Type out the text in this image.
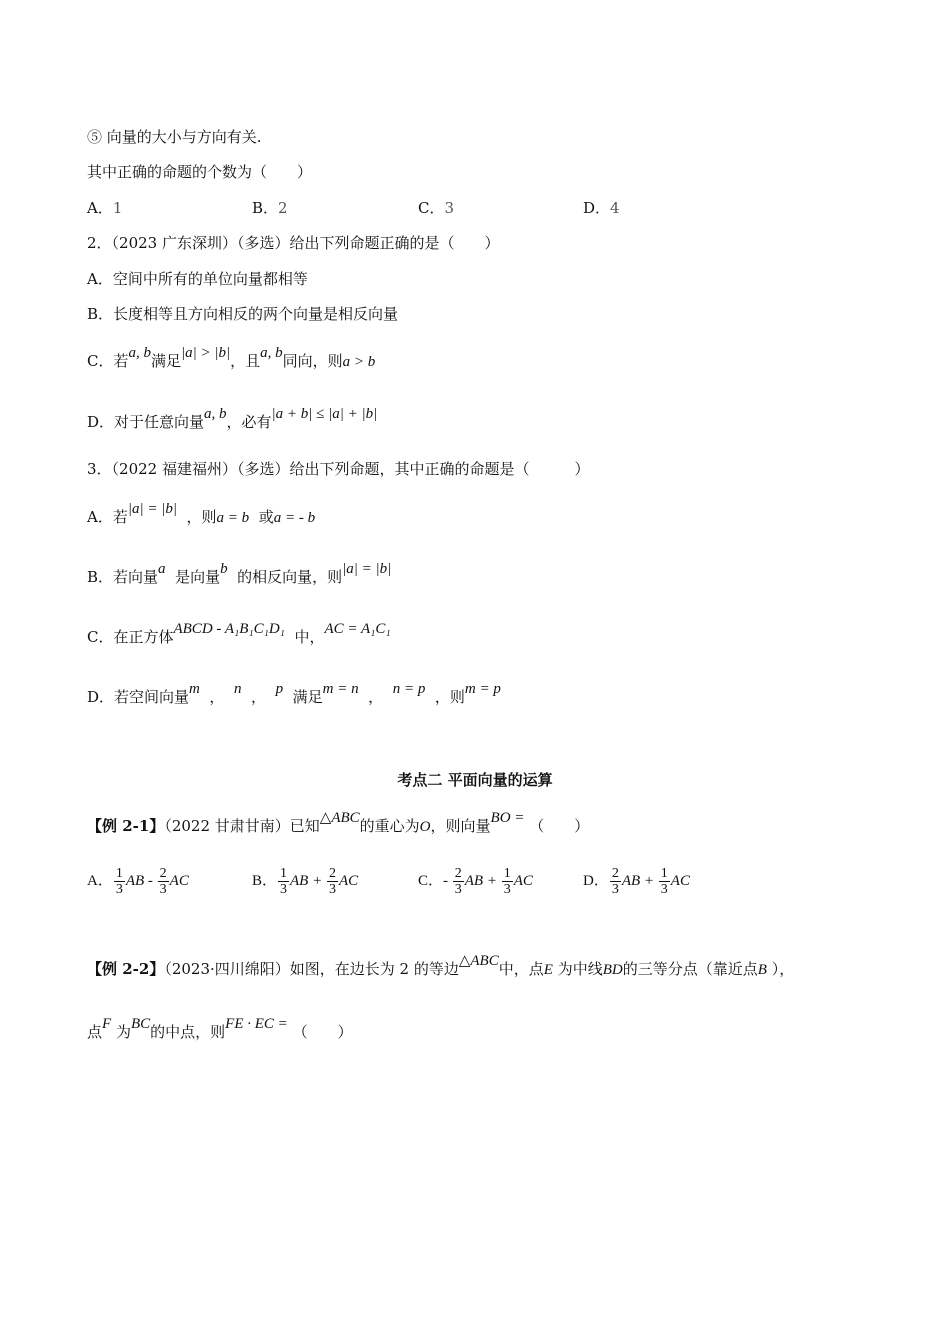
⑤ 向量的大小与方向有关.
其中正确的命题的个数为（　　）
A．1	B．2	C．3	D．4
2．（2023 广东深圳）（多选）给出下列命题正确的是（　　）
A．空间中所有的单位向量都相等
B．长度相等且方向相反的两个向量是相反向量
C．若a, b满足|a| > |b|，且a, b同向，则a > b
D．对于任意向量a, b，必有|a + b| ≤ |a| + |b|
3．（2022 福建福州）（多选）给出下列命题，其中正确的命题是（　　　）
A．若|a| = |b| ，则a = b 或a = - b
B．若向量a 是向量b 的相反向量，则|a| = |b|
C．在正方体ABCD - A₁B₁C₁D₁ 中，AC = A₁C₁
D．若空间向量m ， n ， p 满足m = n ， n = p ，则m = p
考点二 平面向量的运算
【例 2-1】（2022 甘肃甘南）已知△ABC的重心为O，则向量BO = （　　）
A． $\frac{1}{3}$ AB - $\frac{2}{3}$ AC	B． $\frac{1}{3}$ AB + $\frac{2}{3}$ AC	C．- $\frac{2}{3}$ AB + $\frac{1}{3}$ AC	D． $\frac{2}{3}$ AB + $\frac{1}{3}$ AC
【例 2-2】（2023·四川绵阳）如图，在边长为 2 的等边△ABC中，点E 为中线BD的三等分点（靠近点B ），
点F 为BC的中点，则FE · EC = （　　）
